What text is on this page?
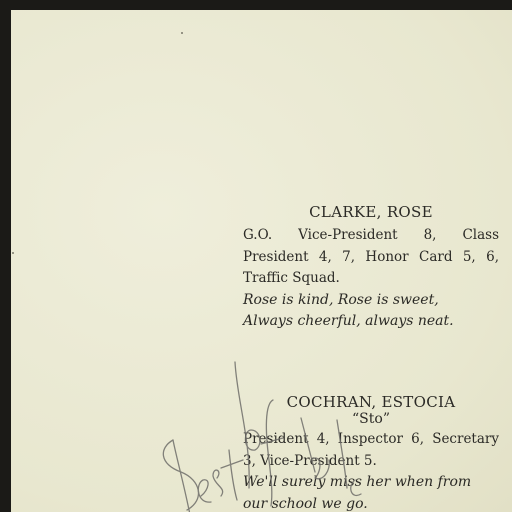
CLARKE, ROSE
G.O. Vice-President 8, Class President 4, 7, Honor Card 5, 6, Traffic Squad.
Rose is kind, Rose is sweet,
Always cheerful, always neat.
COCHRAN, ESTOCIA
“Sto”
President 4, Inspector 6, Secretary 3, Vice-President 5.
We'll surely miss her when from
our school we go.
